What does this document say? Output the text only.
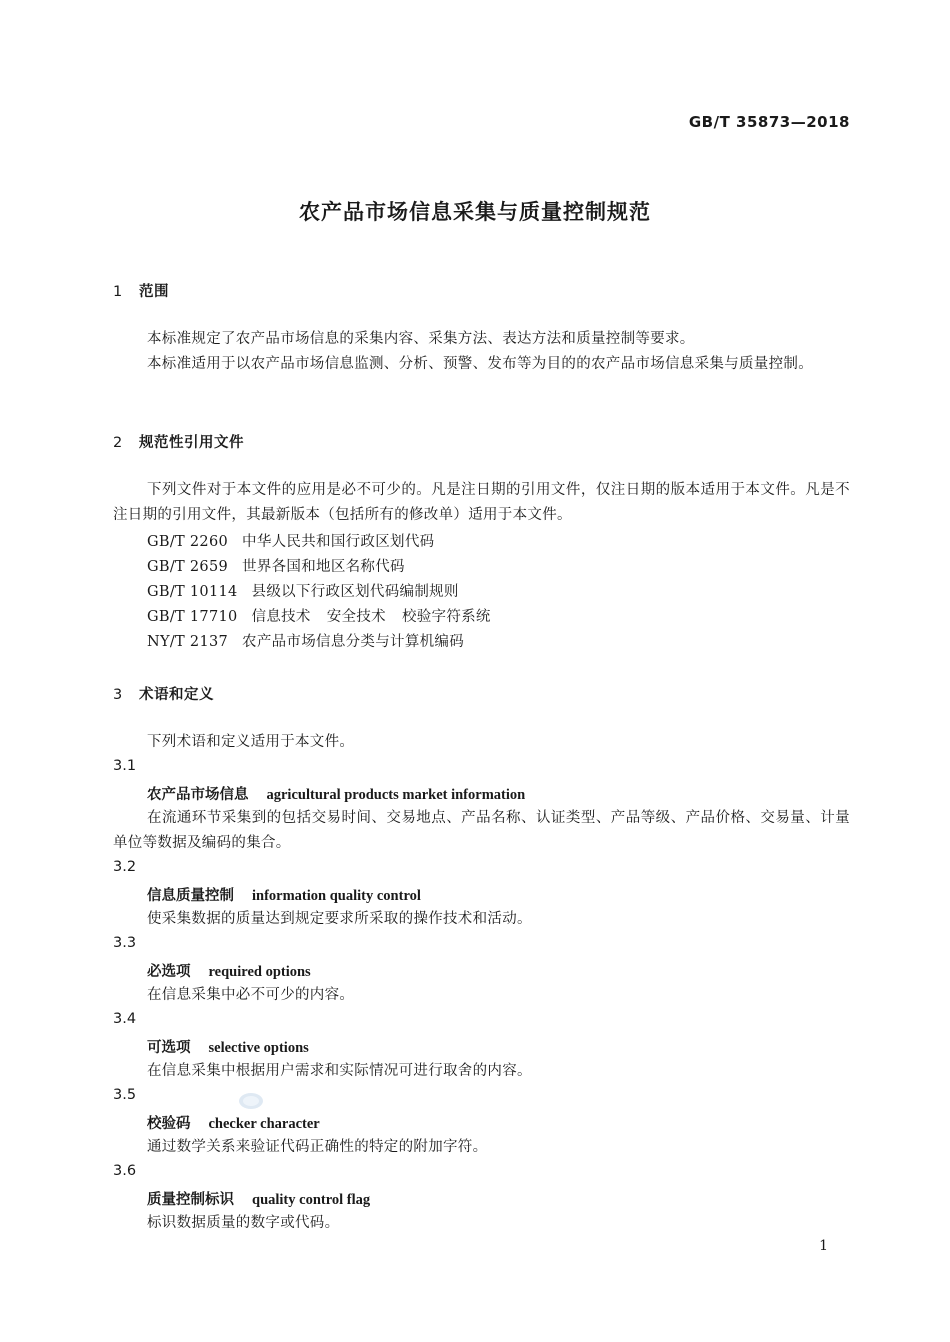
GB/T 35873—2018
农产品市场信息采集与质量控制规范
1 范围
本标准规定了农产品市场信息的采集内容、采集方法、表达方法和质量控制等要求。
本标准适用于以农产品市场信息监测、分析、预警、发布等为目的的农产品市场信息采集与质量控制。
2 规范性引用文件
下列文件对于本文件的应用是必不可少的。凡是注日期的引用文件，仅注日期的版本适用于本文件。凡是不注日期的引用文件，其最新版本（包括所有的修改单）适用于本文件。
GB/T 2260 中华人民共和国行政区划代码
GB/T 2659 世界各国和地区名称代码
GB/T 10114 县级以下行政区划代码编制规则
GB/T 17710 信息技术 安全技术 校验字符系统
NY/T 2137 农产品市场信息分类与计算机编码
3 术语和定义
下列术语和定义适用于本文件。
3.1
农产品市场信息 agricultural products market information
在流通环节采集到的包括交易时间、交易地点、产品名称、认证类型、产品等级、产品价格、交易量、计量单位等数据及编码的集合。
3.2
信息质量控制 information quality control
使采集数据的质量达到规定要求所采取的操作技术和活动。
3.3
必选项 required options
在信息采集中必不可少的内容。
3.4
可选项 selective options
在信息采集中根据用户需求和实际情况可进行取舍的内容。
3.5
校验码 checker character
通过数学关系来验证代码正确性的特定的附加字符。
3.6
质量控制标识 quality control flag
标识数据质量的数字或代码。
1
